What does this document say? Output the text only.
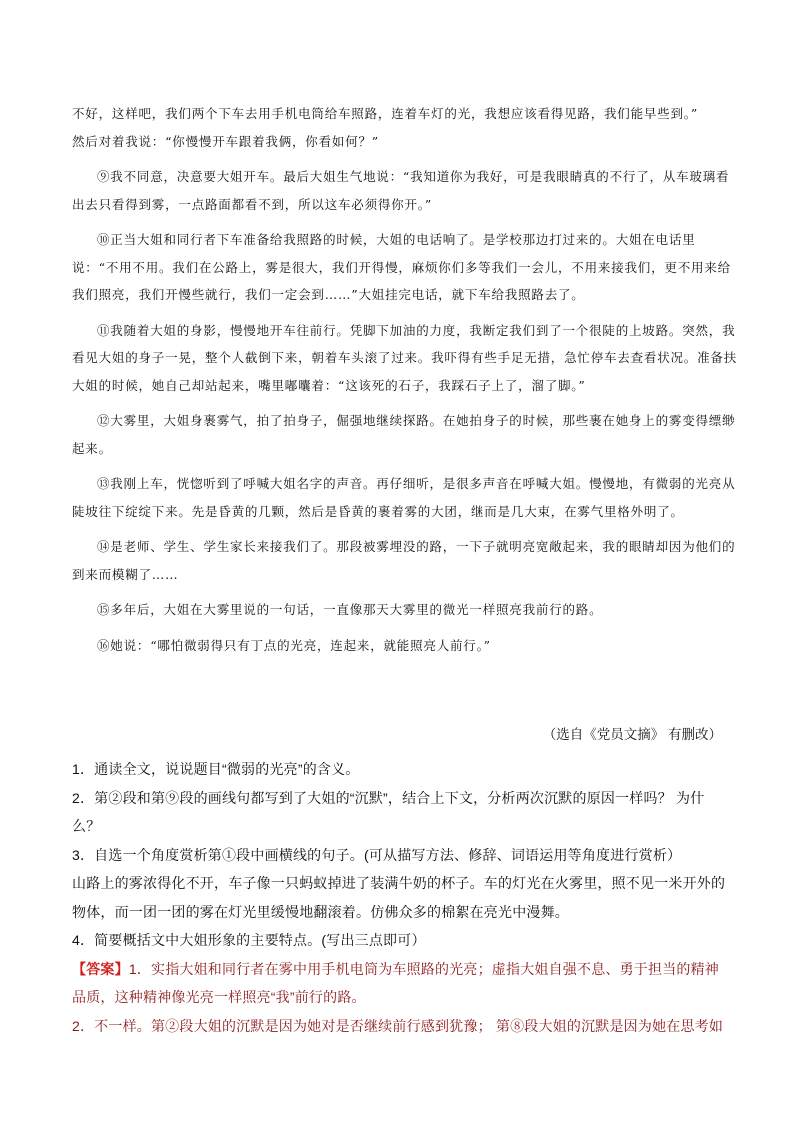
不好，这样吧，我们两个下车去用手机电筒给车照路，连着车灯的光，我想应该看得见路，我们能早些到。”

然后对着我说：“你慢慢开车跟着我俩，你看如何？”

⑨我不同意，决意要大姐开车。最后大姐生气地说：“我知道你为我好，可是我眼睛真的不行了，从车玻璃看出去只看得到雾，一点路面都看不到，所以这车必须得你开。”

⑩正当大姐和同行者下车准备给我照路的时候，大姐的电话响了。是学校那边打过来的。大姐在电话里说：“不用不用。我们在公路上，雾是很大，我们开得慢，麻烦你们多等我们一会儿，不用来接我们，更不用来给我们照亮，我们开慢些就行，我们一定会到……”大姐挂完电话，就下车给我照路去了。

⑪我随着大姐的身影，慢慢地开车往前行。凭脚下加油的力度，我断定我们到了一个很陡的上坡路。突然，我看见大姐的身子一晃，整个人截倒下来，朝着车头滚了过来。我吓得有些手足无措，急忙停车去查看状况。准备扶大姐的时候，她自己却站起来，嘴里嘟囔着：“这该死的石子，我踩石子上了，溜了脚。”

⑫大雾里，大姐身裹雾气，拍了拍身子，倔强地继续探路。在她拍身子的时候，那些裹在她身上的雾变得缥缈起来。

⑬我刚上车，恍惚听到了呼喊大姐名字的声音。再仔细听，是很多声音在呼喊大姐。慢慢地，有微弱的光亮从陡坡往下绽绽下来。先是昏黄的几颗，然后是昏黄的裹着雾的大团，继而是几大束，在雾气里格外明了。

⑭是老师、学生、学生家长来接我们了。那段被雾埋没的路，一下子就明亮宽敞起来，我的眼睛却因为他们的到来而模糊了……

⑮多年后，大姐在大雾里说的一句话，一直像那天大雾里的微光一样照亮我前行的路。

⑯她说：“哪怕微弱得只有丁点的光亮，连起来，就能照亮人前行。”

（选自《党员文摘》 有删改）

1．通读全文，说说题目“微弱的光亮”的含义。

2．第②段和第⑨段的画线句都写到了大姐的“沉默”，结合上下文，分析两次沉默的原因一样吗？ 为什么？

3．自选一个角度赏析第①段中画横线的句子。(可从描写方法、修辞、词语运用等角度进行赏析）

山路上的雾浓得化不开，车子像一只蚂蚁掉进了装满牛奶的杯子。车的灯光在火雾里，照不见一米开外的物体，而一团一团的雾在灯光里缓慢地翻滚着。仿佛众多的棉絮在亮光中漫舞。

4．简要概括文中大姐形象的主要特点。(写出三点即可）

【答案】1．实指大姐和同行者在雾中用手机电筒为车照路的光亮；虚指大姐自强不息、勇于担当的精神品质，这种精神像光亮一样照亮“我”前行的路。

2．不一样。第②段大姐的沉默是因为她对是否继续前行感到犹豫； 第⑧段大姐的沉默是因为她在思考如
